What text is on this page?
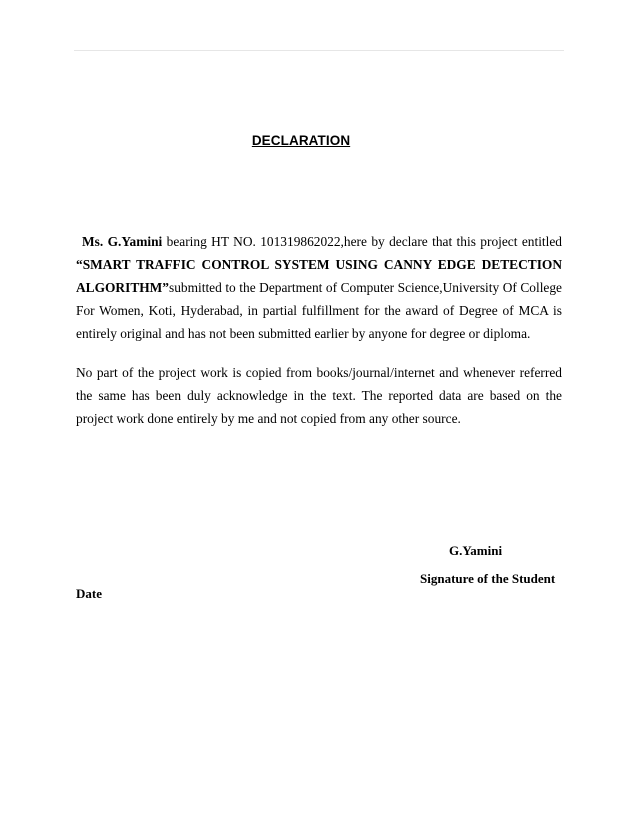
DECLARATION

Ms. G.Yamini bearing HT NO. 101319862022,here by declare that this project entitled “SMART TRAFFIC CONTROL SYSTEM USING CANNY EDGE DETECTION ALGORITHM”submitted to the Department of Computer Science,University Of College For Women, Koti, Hyderabad, in partial fulfillment for the award of Degree of MCA is entirely original and has not been submitted earlier by anyone for degree or diploma.

No part of the project work is copied from books/journal/internet and whenever referred the same has been duly acknowledge in the text. The reported data are based on the project work done entirely by me and not copied from any other source.

G.Yamini
Signature of the Student
Date
